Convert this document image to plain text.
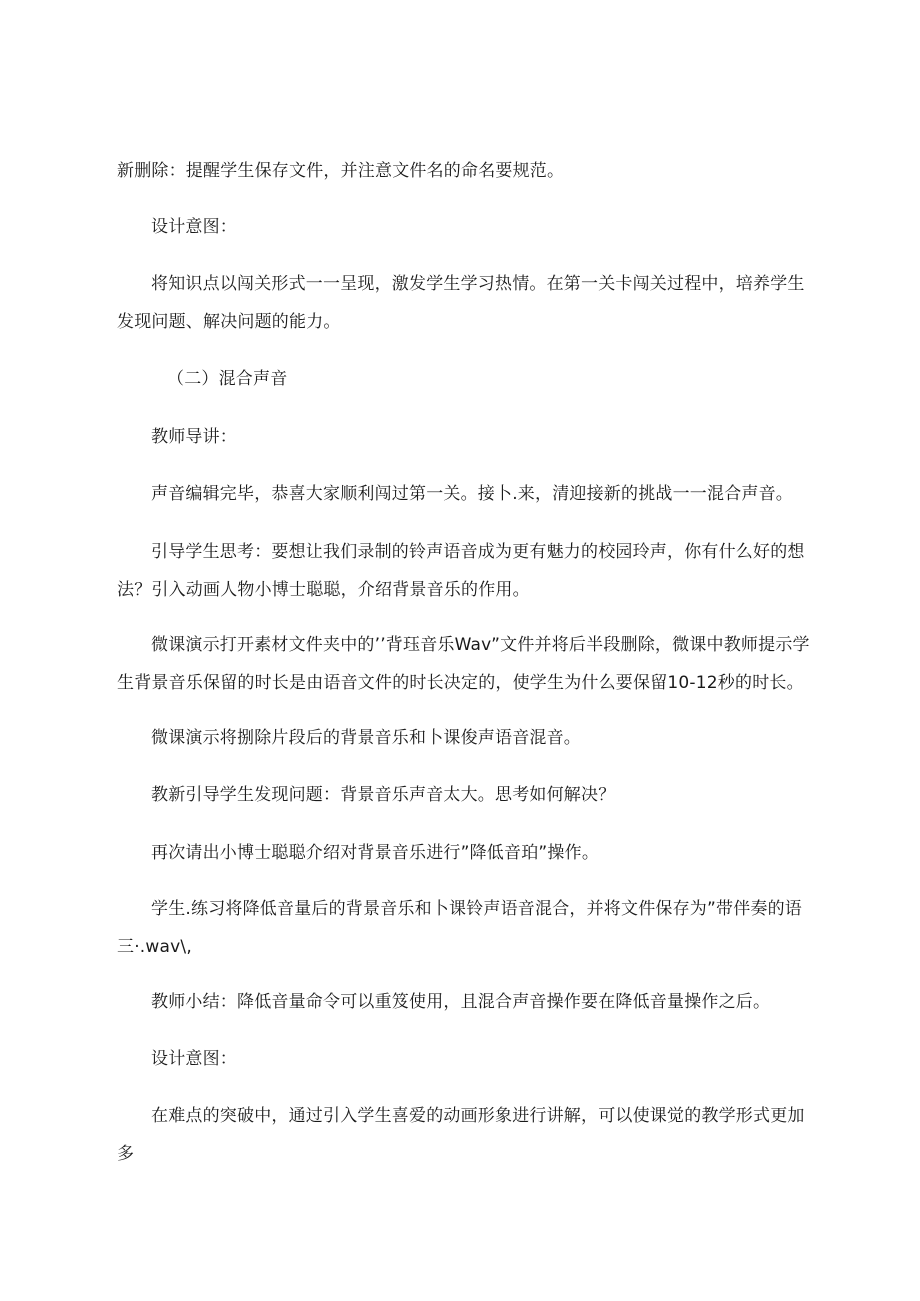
新删除：提醒学生保存文件，并注意文件名的命名要规范。

设计意图：

将知识点以闯关形式一一呈现，激发学生学习热情。在第一关卡闯关过程中，培养学生发现问题、解决问题的能力。

（二）混合声音

教师导讲：

声音编辑完毕，恭喜大家顺利闯过第一关。接卜.来，清迎接新的挑战一一混合声音。

引导学生思考：要想让我们录制的铃声语音成为更有魅力的校园玲声，你有什么好的想法？引入动画人物小博士聪聪，介绍背景音乐的作用。

微课演示打开素材文件夹中的’’背珏音乐Wav”文件并将后半段删除，微课中教师提示学生背景音乐保留的时长是由语音文件的时长决定的，使学生为什么要保留10-12秒的时长。

微课演示将捌除片段后的背景音乐和卜课俊声语音混音。

教新引导学生发现问题：背景音乐声音太大。思考如何解决？

再次请出小博士聪聪介绍对背景音乐进行”降低音珀”操作。

学生.练习将降低音量后的背景音乐和卜课铃声语音混合，并将文件保存为”带伴奏的语三·.wav\,

教师小结：降低音量命令可以重笈使用，且混合声音操作要在降低音量操作之后。

设计意图：

在难点的突破中，通过引入学生喜爱的动画形象进行讲解，可以使课觉的教学形式更加多
